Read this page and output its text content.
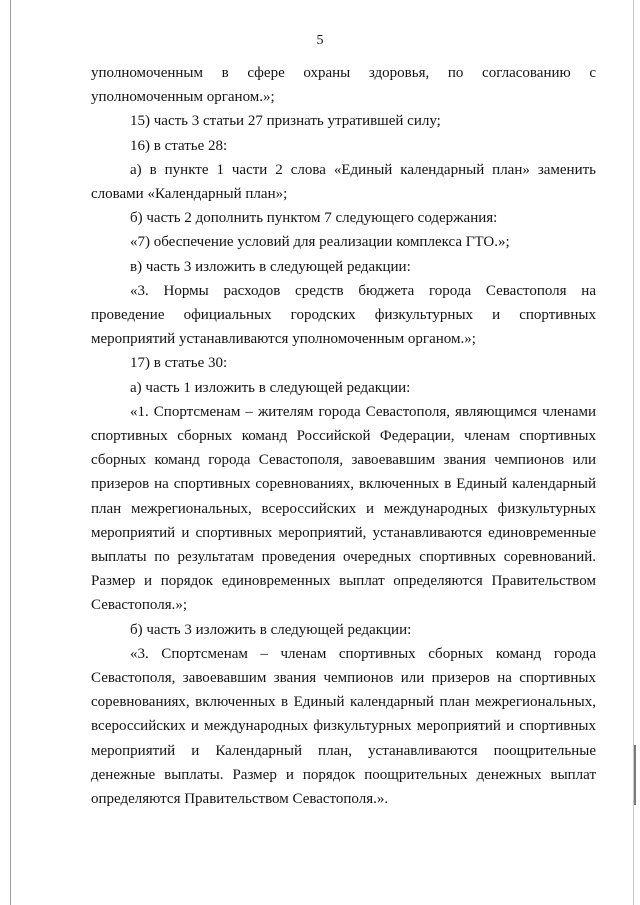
5

уполномоченным в сфере охраны здоровья, по согласованию с

уполномоченным органом.»;

15) часть 3 статьи 27 признать утратившей силу;

16) в статье 28:

а) в пункте 1 части 2 слова «Единый календарный план» заменить

словами «Календарный план»;

б) часть 2 дополнить пунктом 7 следующего содержания:

«7) обеспечение условий для реализации комплекса ГТО.»;

в) часть 3 изложить в следующей редакции:

«3. Нормы расходов средств бюджета города Севастополя на проведение официальных городских физкультурных и спортивных мероприятий устанавливаются уполномоченным органом.»;

17) в статье 30:

а) часть 1 изложить в следующей редакции:

«1. Спортсменам – жителям города Севастополя, являющимся членами спортивных сборных команд Российской Федерации, членам спортивных сборных команд города Севастополя, завоевавшим звания чемпионов или призеров на спортивных соревнованиях, включенных в Единый календарный план межрегиональных, всероссийских и международных физкультурных мероприятий и спортивных мероприятий, устанавливаются единовременные выплаты по результатам проведения очередных спортивных соревнований. Размер и порядок единовременных выплат определяются Правительством Севастополя.»;

б) часть 3 изложить в следующей редакции:

«3. Спортсменам – членам спортивных сборных команд города Севастополя, завоевавшим звания чемпионов или призеров на спортивных соревнованиях, включенных в Единый календарный план межрегиональных, всероссийских и международных физкультурных мероприятий и спортивных мероприятий и Календарный план, устанавливаются поощрительные денежные выплаты. Размер и порядок поощрительных денежных выплат определяются Правительством Севастополя.».
